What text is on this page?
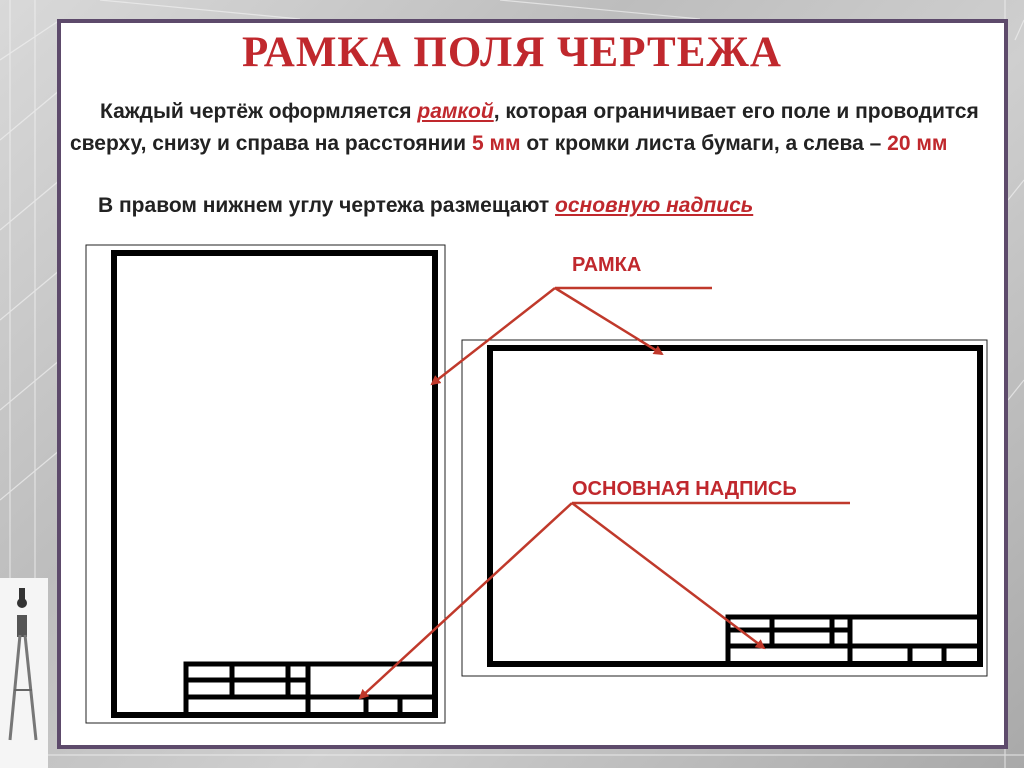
РАМКА ПОЛЯ ЧЕРТЕЖА

Каждый чертёж оформляется рамкой, которая ограничивает его поле и проводится сверху, снизу и справа на расстоянии 5 мм от кромки листа бумаги, а слева – 20 мм

В правом нижнем углу чертежа размещают основную надпись

РАМКА
ОСНОВНАЯ НАДПИСЬ
